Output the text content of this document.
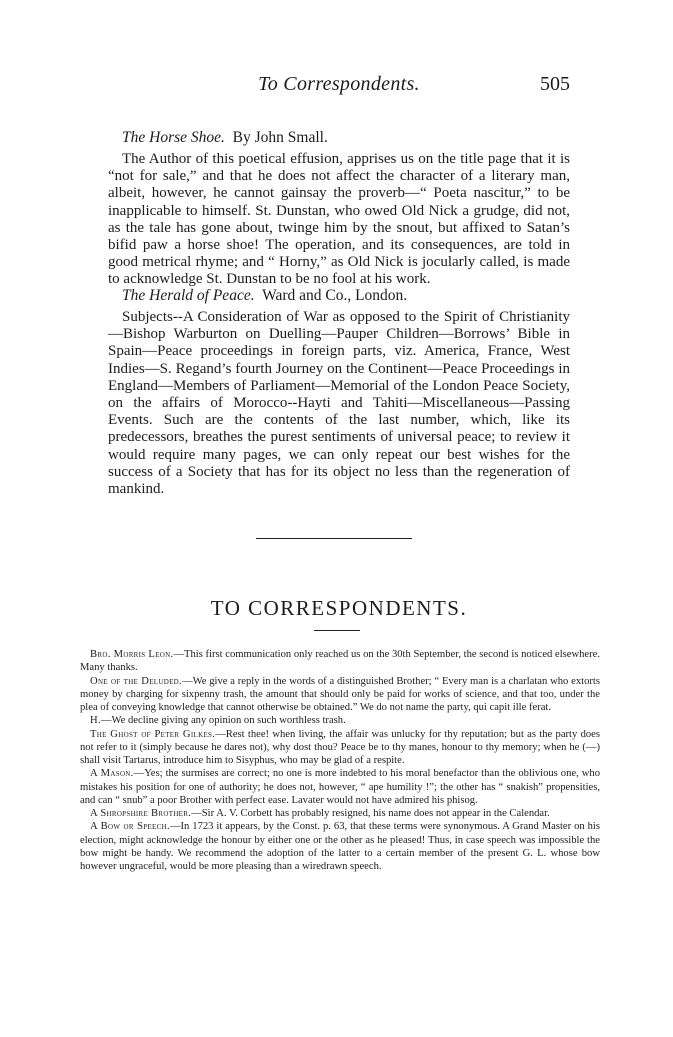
To Correspondents.	505

The Horse Shoe. By John Small.

The Author of this poetical effusion, apprises us on the title page that it is “not for sale,” and that he does not affect the character of a literary man, albeit, however, he cannot gainsay the proverb—“ Poeta nascitur,” to be inapplicable to himself. St. Dunstan, who owed Old Nick a grudge, did not, as the tale has gone about, twinge him by the snout, but affixed to Satan’s bifid paw a horse shoe! The operation, and its consequences, are told in good metrical rhyme; and “ Horny,” as Old Nick is jocularly called, is made to acknowledge St. Dunstan to be no fool at his work.

The Herald of Peace. Ward and Co., London.

Subjects--A Consideration of War as opposed to the Spirit of Christianity—Bishop Warburton on Duelling—Pauper Children—Borrows’ Bible in Spain—Peace proceedings in foreign parts, viz. America, France, West Indies—S. Regand’s fourth Journey on the Continent—Peace Proceedings in England—Members of Parliament—Memorial of the London Peace Society, on the affairs of Morocco--Hayti and Tahiti—Miscellaneous—Passing Events. Such are the contents of the last number, which, like its predecessors, breathes the purest sentiments of universal peace; to review it would require many pages, we can only repeat our best wishes for the success of a Society that has for its object no less than the regeneration of mankind.

TO CORRESPONDENTS.

Bro. Morris Leon.—This first communication only reached us on the 30th September, the second is noticed elsewhere. Many thanks.

One of the Deluded.—We give a reply in the words of a distinguished Brother; “ Every man is a charlatan who extorts money by charging for sixpenny trash, the amount that should only be paid for works of science, and that too, under the plea of conveying knowledge that cannot otherwise be obtained.” We do not name the party, qui capit ille ferat.

H.—We decline giving any opinion on such worthless trash.

The Ghost of Peter Gilkes.—Rest thee! when living, the affair was unlucky for thy reputation; but as the party does not refer to it (simply because he dares not), why dost thou? Peace be to thy manes, honour to thy memory; when he (—) shall visit Tartarus, introduce him to Sisyphus, who may be glad of a respite.

A Mason.—Yes; the surmises are correct; no one is more indebted to his moral benefactor than the oblivious one, who mistakes his position for one of authority; he does not, however, “ ape humility !”; the other has “ snakish” propensities, and can “ snub” a poor Brother with perfect ease. Lavater would not have admired his phisog.

A Shropshire Brother.—Sir A. V. Corbett has probably resigned, his name does not appear in the Calendar.

A Bow or Speech.—In 1723 it appears, by the Const. p. 63, that these terms were synonymous. A Grand Master on his election, might acknowledge the honour by either one or the other as he pleased! Thus, in case speech was impossible the bow might be handy. We recommend the adoption of the latter to a certain member of the present G. L. whose bow however ungraceful, would be more pleasing than a wiredrawn speech.
